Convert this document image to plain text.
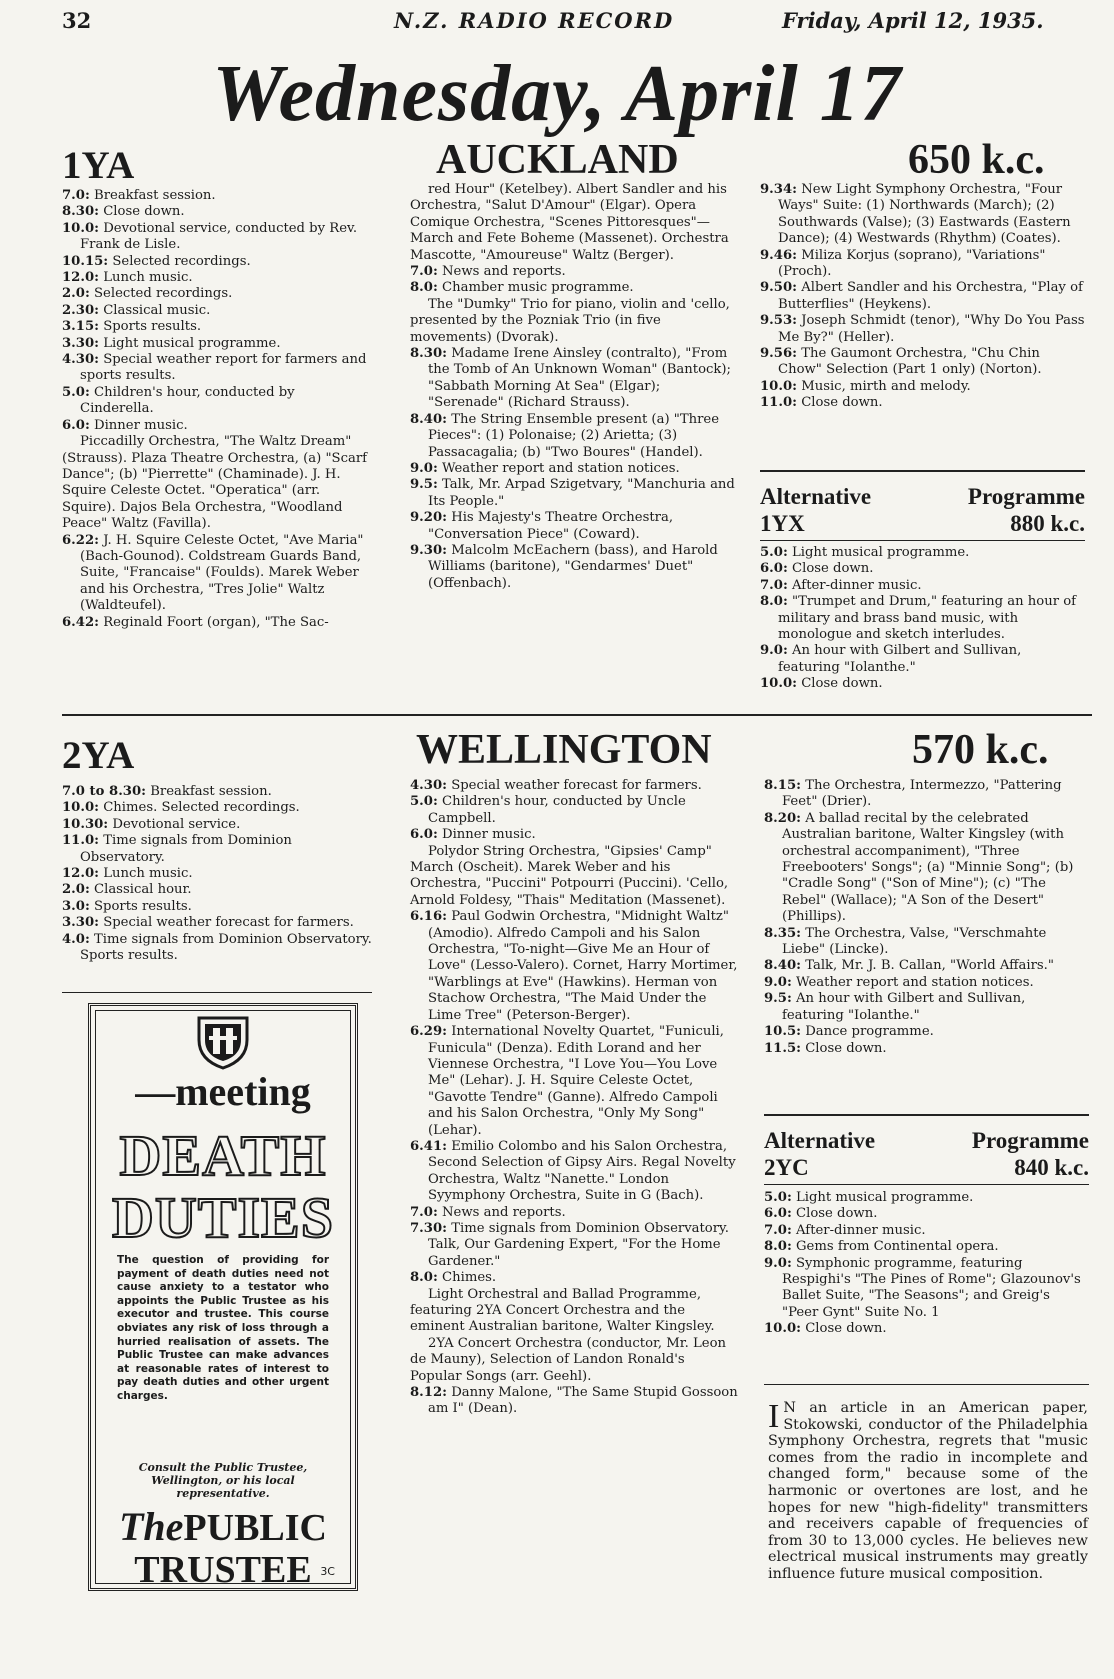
32	N.Z. RADIO RECORD	Friday, April 12, 1935.
Wednesday, April 17
1YA	AUCKLAND	650 k.c.

7.0: Breakfast session.

8.30: Close down.

10.0: Devotional service, conducted by Rev. Frank de Lisle.

10.15: Selected recordings.

12.0: Lunch music.

2.0: Selected recordings.

2.30: Classical music.

3.15: Sports results.

3.30: Light musical programme.

4.30: Special weather report for farmers and sports results.

5.0: Children's hour, conducted by Cinderella.

6.0: Dinner music.

Piccadilly Orchestra, "The Waltz Dream" (Strauss). Plaza Theatre Orchestra, (a) "Scarf Dance"; (b) "Pierrette" (Chaminade). J. H. Squire Celeste Octet. "Operatica" (arr. Squire). Dajos Bela Orchestra, "Woodland Peace" Waltz (Favilla).

6.22: J. H. Squire Celeste Octet, "Ave Maria" (Bach-Gounod). Coldstream Guards Band, Suite, "Francaise" (Foulds). Marek Weber and his Orchestra, "Tres Jolie" Waltz (Waldteufel).

6.42: Reginald Foort (organ), "The Sac-

red Hour" (Ketelbey). Albert Sandler and his Orchestra, "Salut D'Amour" (Elgar). Opera Comique Orchestra, "Scenes Pittoresques"—March and Fete Boheme (Massenet). Orchestra Mascotte, "Amoureuse" Waltz (Berger).

7.0: News and reports.

8.0: Chamber music programme.

The "Dumky" Trio for piano, violin and 'cello, presented by the Pozniak Trio (in five movements) (Dvorak).

8.30: Madame Irene Ainsley (contralto), "From the Tomb of An Unknown Woman" (Bantock); "Sabbath Morning At Sea" (Elgar); "Serenade" (Richard Strauss).

8.40: The String Ensemble present (a) "Three Pieces": (1) Polonaise; (2) Arietta; (3) Passacagalia; (b) "Two Boures" (Handel).

9.0: Weather report and station notices.

9.5: Talk, Mr. Arpad Szigetvary, "Manchuria and Its People."

9.20: His Majesty's Theatre Orchestra, "Conversation Piece" (Coward).

9.30: Malcolm McEachern (bass), and Harold Williams (baritone), "Gendarmes' Duet" (Offenbach).

9.34: New Light Symphony Orchestra, "Four Ways" Suite: (1) Northwards (March); (2) Southwards (Valse); (3) Eastwards (Eastern Dance); (4) Westwards (Rhythm) (Coates).

9.46: Miliza Korjus (soprano), "Variations" (Proch).

9.50: Albert Sandler and his Orchestra, "Play of Butterflies" (Heykens).

9.53: Joseph Schmidt (tenor), "Why Do You Pass Me By?" (Heller).

9.56: The Gaumont Orchestra, "Chu Chin Chow" Selection (Part 1 only) (Norton).

10.0: Music, mirth and melody.

11.0: Close down.

Alternative	Programme
1YX	880 k.c.

5.0: Light musical programme.

6.0: Close down.

7.0: After-dinner music.

8.0: "Trumpet and Drum," featuring an hour of military and brass band music, with monologue and sketch interludes.

9.0: An hour with Gilbert and Sullivan, featuring "Iolanthe."

10.0: Close down.

2YA	WELLINGTON	570 k.c.

7.0 to 8.30: Breakfast session.

10.0: Chimes. Selected recordings.

10.30: Devotional service.

11.0: Time signals from Dominion Observatory.

12.0: Lunch music.

2.0: Classical hour.

3.0: Sports results.

3.30: Special weather forecast for farmers.

4.0: Time signals from Dominion Observatory. Sports results.

4.30: Special weather forecast for farmers.

5.0: Children's hour, conducted by Uncle Campbell.

6.0: Dinner music.

Polydor String Orchestra, "Gipsies' Camp" March (Oscheit). Marek Weber and his Orchestra, "Puccini" Potpourri (Puccini). 'Cello, Arnold Foldesy, "Thais" Meditation (Massenet).

6.16: Paul Godwin Orchestra, "Midnight Waltz" (Amodio). Alfredo Campoli and his Salon Orchestra, "To-night—Give Me an Hour of Love" (Lesso-Valero). Cornet, Harry Mortimer, "Warblings at Eve" (Hawkins). Herman von Stachow Orchestra, "The Maid Under the Lime Tree" (Peterson-Berger).

6.29: International Novelty Quartet, "Funiculi, Funicula" (Denza). Edith Lorand and her Viennese Orchestra, "I Love You—You Love Me" (Lehar). J. H. Squire Celeste Octet, "Gavotte Tendre" (Ganne). Alfredo Campoli and his Salon Orchestra, "Only My Song" (Lehar).

6.41: Emilio Colombo and his Salon Orchestra, Second Selection of Gipsy Airs. Regal Novelty Orchestra, Waltz "Nanette." London Syymphony Orchestra, Suite in G (Bach).

7.0: News and reports.

7.30: Time signals from Dominion Observatory. Talk, Our Gardening Expert, "For the Home Gardener."

8.0: Chimes.

Light Orchestral and Ballad Programme, featuring 2YA Concert Orchestra and the eminent Australian baritone, Walter Kingsley.

2YA Concert Orchestra (conductor, Mr. Leon de Mauny), Selection of Landon Ronald's Popular Songs (arr. Geehl).

8.12: Danny Malone, "The Same Stupid Gossoon am I" (Dean).

8.15: The Orchestra, Intermezzo, "Pattering Feet" (Drier).

8.20: A ballad recital by the celebrated Australian baritone, Walter Kingsley (with orchestral accompaniment), "Three Freebooters' Songs"; (a) "Minnie Song"; (b) "Cradle Song" ("Son of Mine"); (c) "The Rebel" (Wallace); "A Son of the Desert" (Phillips).

8.35: The Orchestra, Valse, "Verschmahte Liebe" (Lincke).

8.40: Talk, Mr. J. B. Callan, "World Affairs."

9.0: Weather report and station notices.

9.5: An hour with Gilbert and Sullivan, featuring "Iolanthe."

10.5: Dance programme.

11.5: Close down.

Alternative	Programme
2YC	840 k.c.

5.0: Light musical programme.

6.0: Close down.

7.0: After-dinner music.

8.0: Gems from Continental opera.

9.0: Symphonic programme, featuring Respighi's "The Pines of Rome"; Glazounov's Ballet Suite, "The Seasons"; and Greig's "Peer Gynt" Suite No. 1

10.0: Close down.

—meeting
DEATH
DUTIES
The question of providing for payment of death duties need not cause anxiety to a testator who appoints the Public Trustee as his executor and trustee. This course obviates any risk of loss through a hurried realisation of assets. The Public Trustee can make advances at reasonable rates of interest to pay death duties and other urgent charges.
Consult the Public Trustee, Wellington, or his local representative.
ThePUBLIC
TRUSTEE 3C
I N an article in an American paper, Stokowski, conductor of the Philadelphia Symphony Orchestra, regrets that "music comes from the radio in incomplete and changed form," because some of the harmonic or overtones are lost, and he hopes for new "high-fidelity" transmitters and receivers capable of frequencies of from 30 to 13,000 cycles. He believes new electrical musical instruments may greatly influence future musical composition.
